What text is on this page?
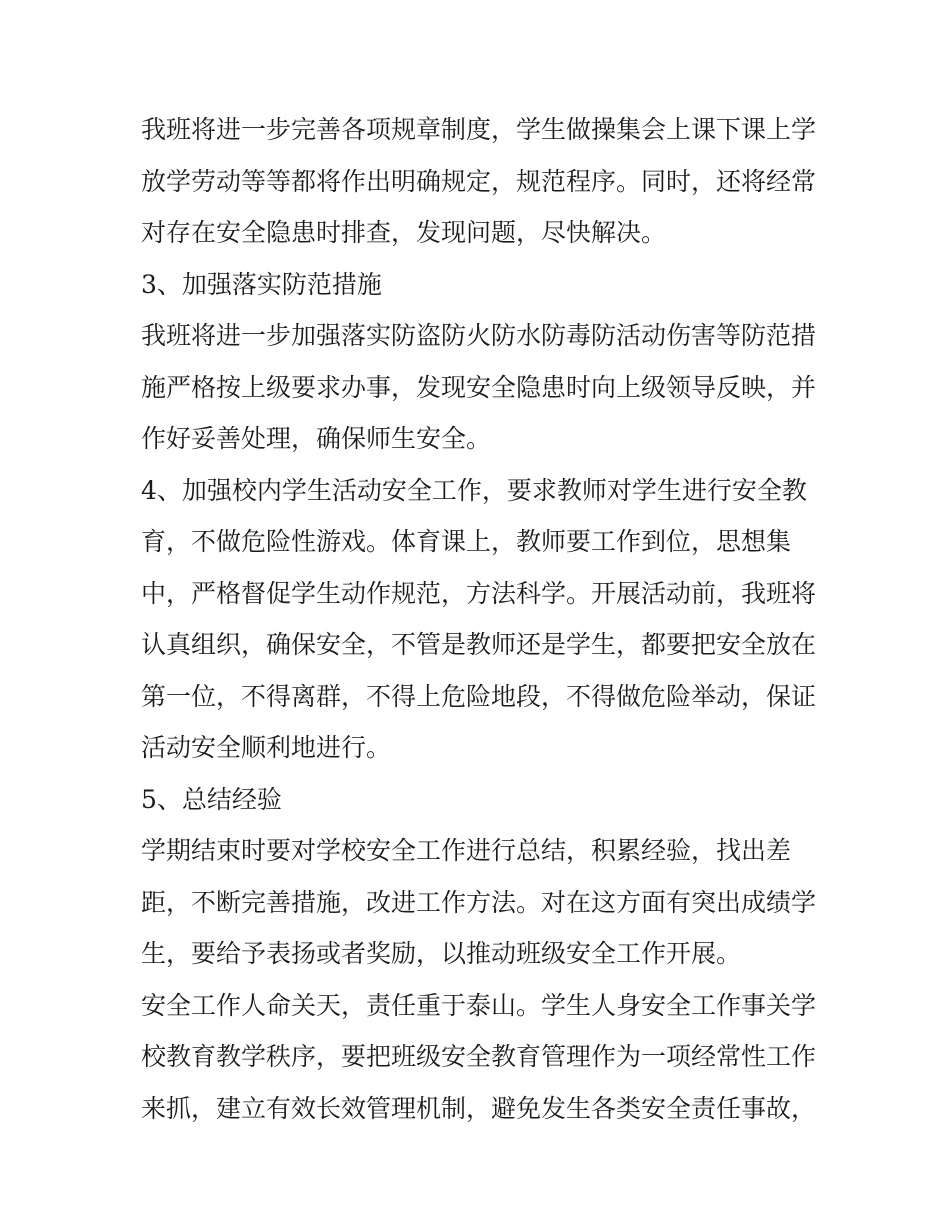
我班将进一步完善各项规章制度，学生做操集会上课下课上学
放学劳动等等都将作出明确规定，规范程序。同时，还将经常
对存在安全隐患时排查，发现问题，尽快解决。
3、加强落实防范措施
我班将进一步加强落实防盗防火防水防毒防活动伤害等防范措
施严格按上级要求办事，发现安全隐患时向上级领导反映，并
作好妥善处理，确保师生安全。
4、加强校内学生活动安全工作，要求教师对学生进行安全教
育，不做危险性游戏。体育课上，教师要工作到位，思想集
中，严格督促学生动作规范，方法科学。开展活动前，我班将
认真组织，确保安全，不管是教师还是学生，都要把安全放在
第一位，不得离群，不得上危险地段，不得做危险举动，保证
活动安全顺利地进行。
5、总结经验
学期结束时要对学校安全工作进行总结，积累经验，找出差
距，不断完善措施，改进工作方法。对在这方面有突出成绩学
生，要给予表扬或者奖励，以推动班级安全工作开展。
安全工作人命关天，责任重于泰山。学生人身安全工作事关学
校教育教学秩序，要把班级安全教育管理作为一项经常性工作
来抓，建立有效长效管理机制，避免发生各类安全责任事故，
